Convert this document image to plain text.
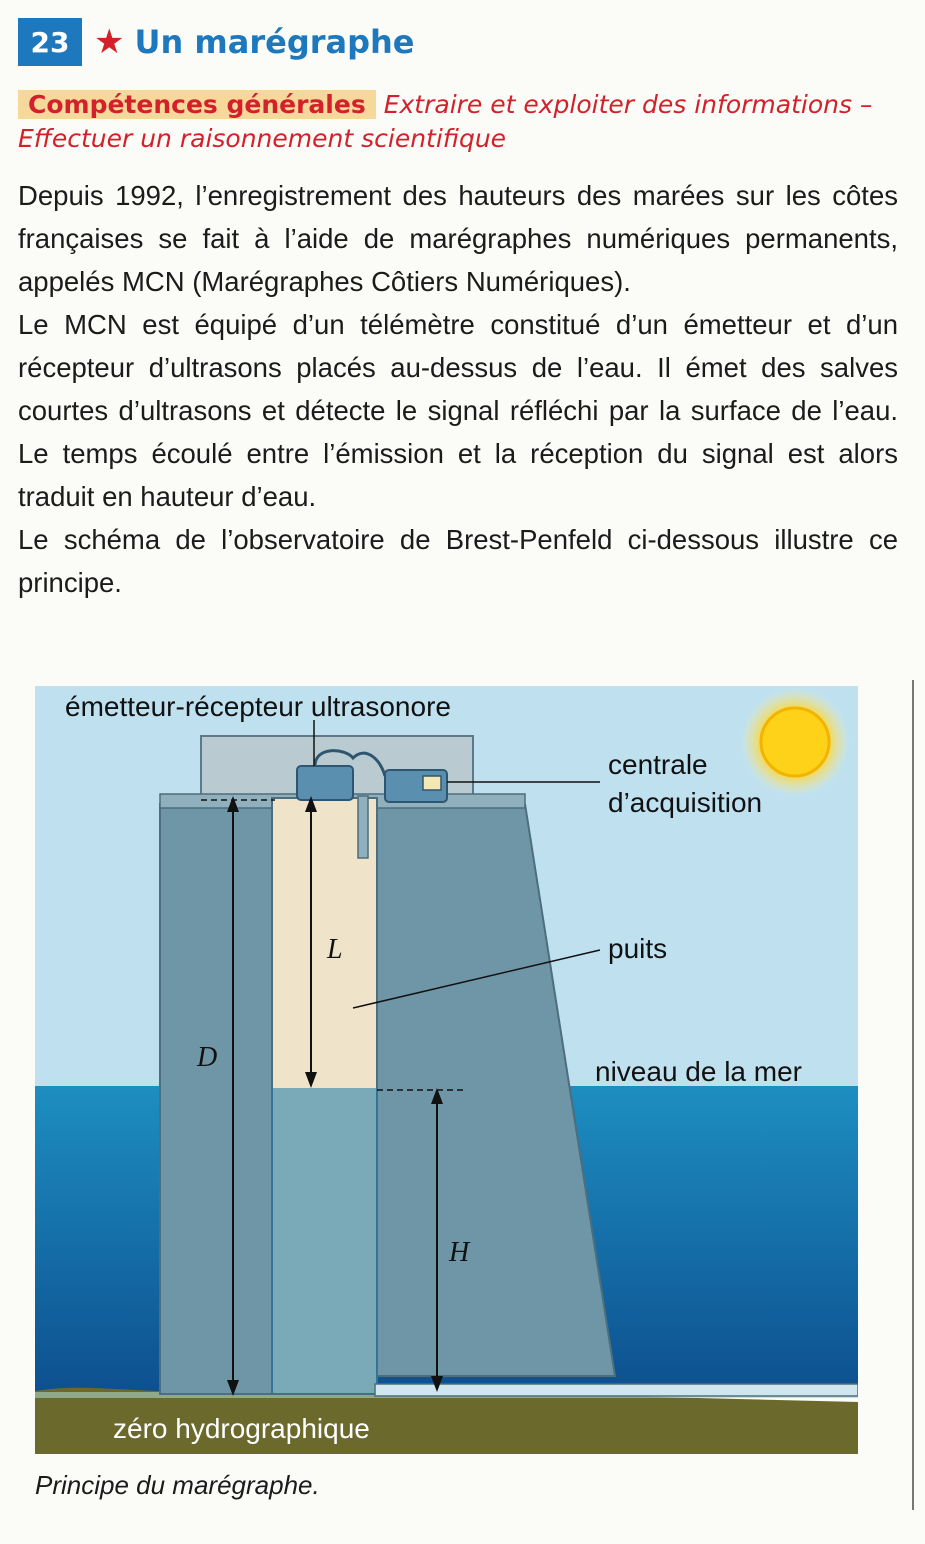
23 ★ Un marégraphe
Compétences générales Extraire et exploiter des informations – Effectuer un raisonnement scientifique

Depuis 1992, l’enregistrement des hauteurs des marées sur les côtes françaises se fait à l’aide de marégraphes numériques permanents, appelés MCN (Marégraphes Côtiers Numériques).

Le MCN est équipé d’un télémètre constitué d’un émetteur et d’un récepteur d’ultrasons placés au-dessus de l’eau. Il émet des salves courtes d’ultrasons et détecte le signal réfléchi par la surface de l’eau. Le temps écoulé entre l’émission et la réception du signal est alors traduit en hauteur d’eau.

Le schéma de l’observatoire de Brest-Penfeld ci-dessous illustre ce principe.

émetteur-récepteur ultrasonore
centrale
d’acquisition
puits
niveau de la mer
zéro hydrographique
L
D
H
Principe du marégraphe.
